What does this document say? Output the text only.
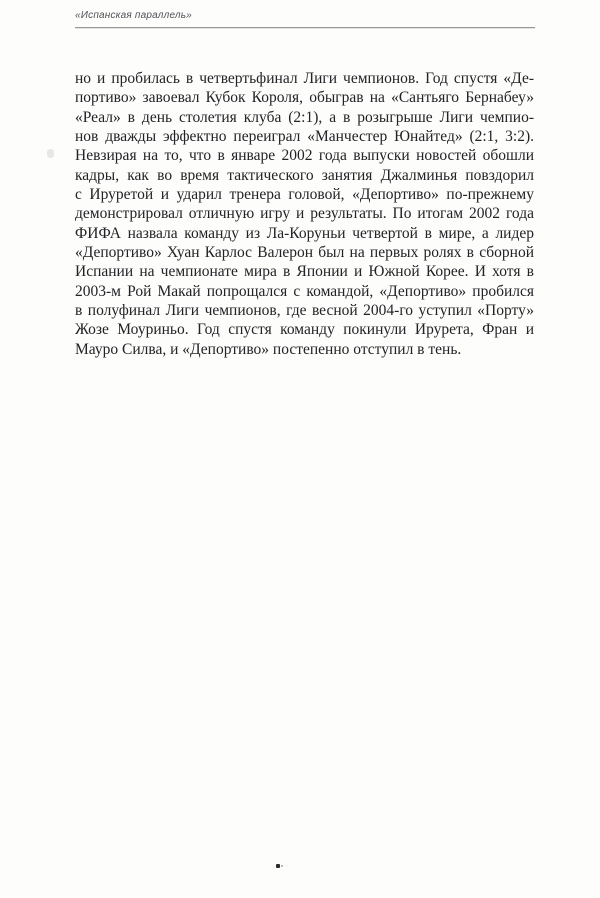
«Испанская параллель»
но и пробилась в четвертьфинал Лиги чемпионов. Год спустя «Де-
портиво» завоевал Кубок Короля, обыграв на «Сантьяго Бернабеу»
«Реал» в день столетия клуба (2:1), а в розыгрыше Лиги чемпио-
нов дважды эффектно переиграл «Манчестер Юнайтед» (2:1, 3:2).
Невзирая на то, что в январе 2002 года выпуски новостей обошли
кадры, как во время тактического занятия Джалминья повздорил
с Ируретой и ударил тренера головой, «Депортиво» по-прежнему
демонстрировал отличную игру и результаты. По итогам 2002 года
ФИФА назвала команду из Ла-Коруньи четвертой в мире, а лидер
«Депортиво» Хуан Карлос Валерон был на первых ролях в сборной
Испании на чемпионате мира в Японии и Южной Корее. И хотя в
2003-м Рой Макай попрощался с командой, «Депортиво» пробился
в полуфинал Лиги чемпионов, где весной 2004-го уступил «Порту»
Жозе Моуриньо. Год спустя команду покинули Ирурета, Фран и
Мауро Силва, и «Депортиво» постепенно отступил в тень.
